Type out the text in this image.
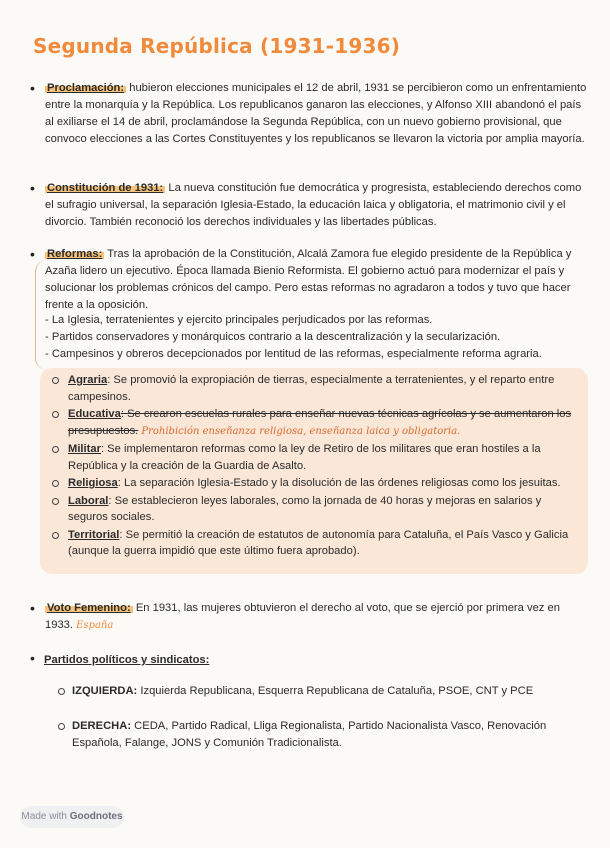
Segunda República (1931-1936)
• Proclamación: hubieron elecciones municipales el 12 de abril, 1931 se percibieron como un enfrentamiento entre la monarquía y la República. Los republicanos ganaron las elecciones, y Alfonso XIII abandonó el país al exiliarse el 14 de abril, proclamándose la Segunda República, con un nuevo gobierno provisional, que convoco elecciones a las Cortes Constituyentes y los republicanos se llevaron la victoria por amplia mayoría.
• Constitución de 1931: La nueva constitución fue democrática y progresista, estableciendo derechos como el sufragio universal, la separación Iglesia-Estado, la educación laica y obligatoria, el matrimonio civil y el divorcio. También reconoció los derechos individuales y las libertades públicas.
• Reformas: Tras la aprobación de la Constitución, Alcalá Zamora fue elegido presidente de la República y Azaña lidero un ejecutivo. Época llamada Bienio Reformista. El gobierno actuó para modernizar el país y solucionar los problemas crónicos del campo. Pero estas reformas no agradaron a todos y tuvo que hacer frente a la oposición.
- La Iglesia, terratenientes y ejercito principales perjudicados por las reformas.
- Partidos conservadores y monárquicos contrario a la descentralización y la secularización.
- Campesinos y obreros decepcionados por lentitud de las reformas, especialmente reforma agraria.
Agraria: Se promovió la expropiación de tierras, especialmente a terratenientes, y el reparto entre campesinos.
Educativa: Se crearon escuelas rurales para enseñar nuevas técnicas agrícolas y se aumentaron los presupuestos. Prohibición enseñanza religiosa, enseñanza laica y obligatoria.
Militar: Se implementaron reformas como la ley de Retiro de los militares que eran hostiles a la República y la creación de la Guardia de Asalto.
Religiosa: La separación Iglesia-Estado y la disolución de las órdenes religiosas como los jesuitas.
Laboral: Se establecieron leyes laborales, como la jornada de 40 horas y mejoras en salarios y seguros sociales.
Territorial: Se permitió la creación de estatutos de autonomía para Cataluña, el País Vasco y Galicia (aunque la guerra impidió que este último fuera aprobado).
• Voto Femenino: En 1931, las mujeres obtuvieron el derecho al voto, que se ejerció por primera vez en 1933. España
• Partidos políticos y sindicatos:
IZQUIERDA: Izquierda Republicana, Esquerra Republicana de Cataluña, PSOE, CNT y PCE
DERECHA: CEDA, Partido Radical, Lliga Regionalista, Partido Nacionalista Vasco, Renovación Española, Falange, JONS y Comunión Tradicionalista.
Made with Goodnotes
